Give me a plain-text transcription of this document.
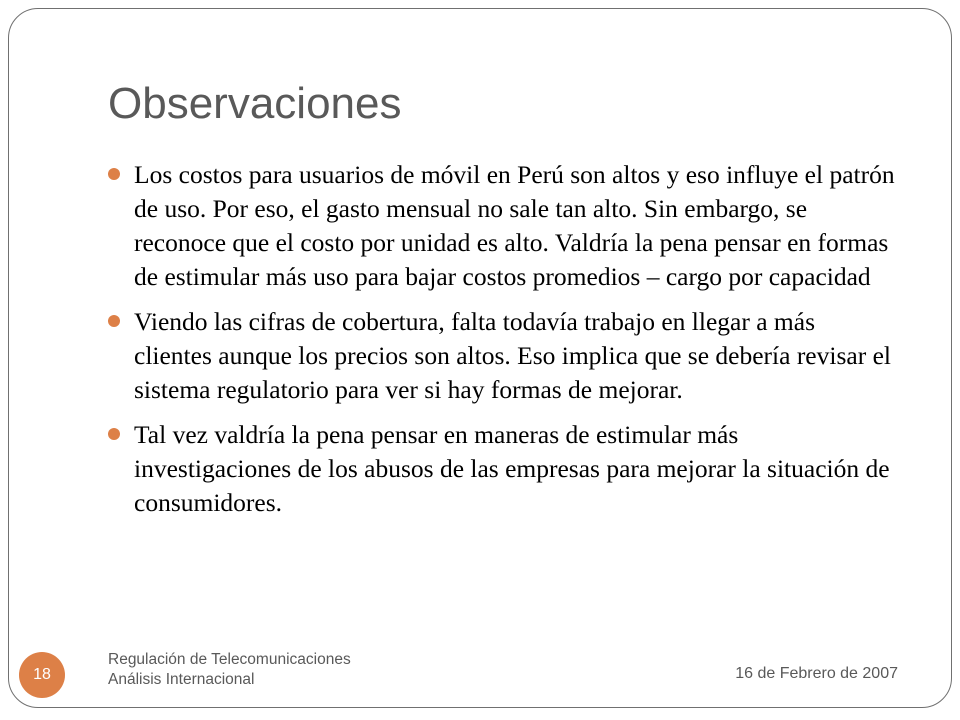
Observaciones
Los costos para usuarios de móvil en Perú son altos y eso influye el patrón de uso. Por eso, el gasto mensual no sale tan alto. Sin embargo, se reconoce que el costo por unidad es alto. Valdría la pena pensar en formas de estimular más uso para bajar costos promedios – cargo por capacidad
Viendo las cifras de cobertura, falta todavía trabajo en llegar a más clientes aunque los precios son altos. Eso implica que se debería revisar el sistema regulatorio para ver si hay formas de mejorar.
Tal vez valdría la pena pensar en maneras de estimular más investigaciones de los abusos de las empresas para mejorar la situación de consumidores.
18
Regulación de Telecomunicaciones
Análisis Internacional	16 de Febrero de 2007
